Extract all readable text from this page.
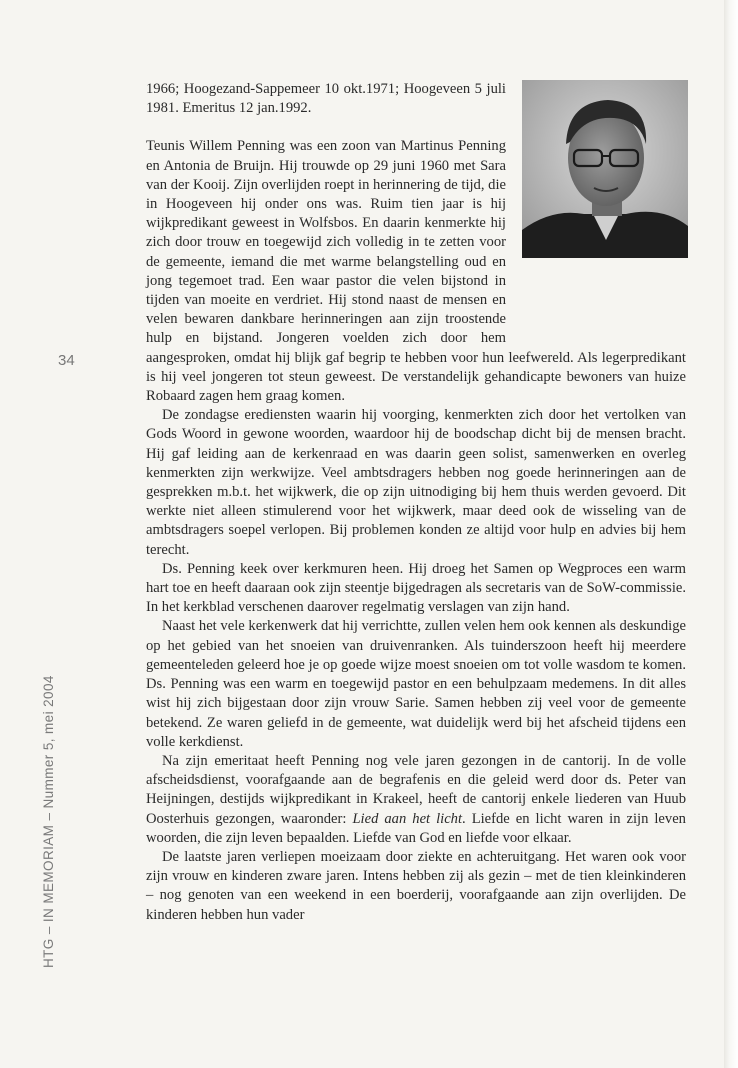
34
HTG – IN MEMORIAM – Nummer 5, mei 2004

1966; Hoogezand-Sappemeer 10 okt.1971; Hoogeveen 5 juli 1981. Emeritus 12 jan.1992.

Teunis Willem Penning was een zoon van Martinus Penning en Antonia de Bruijn. Hij trouwde op 29 juni 1960 met Sara van der Kooij. Zijn overlijden roept in herinnering de tijd, die in Hoogeveen hij onder ons was. Ruim tien jaar is hij wijkpredikant geweest in Wolfsbos. En daarin kenmerkte hij zich door trouw en toegewijd zich volledig in te zetten voor de gemeente, iemand die met warme belangstelling oud en jong tegemoet trad. Een waar pastor die velen bijstond in tijden van moeite en verdriet. Hij stond naast de mensen en velen bewaren dankbare herinneringen aan zijn troostende hulp en bijstand. Jongeren voelden zich door hem aangesproken, omdat hij blijk gaf begrip te hebben voor hun leefwereld. Als legerpredikant is hij veel jongeren tot steun geweest. De verstandelijk gehandicapte bewoners van huize Robaard zagen hem graag komen.

De zondagse erediensten waarin hij voorging, kenmerkten zich door het vertolken van Gods Woord in gewone woorden, waardoor hij de boodschap dicht bij de mensen bracht. Hij gaf leiding aan de kerkenraad en was daarin geen solist, samenwerken en overleg kenmerkten zijn werkwijze. Veel ambtsdragers hebben nog goede herinneringen aan de gesprekken m.b.t. het wijkwerk, die op zijn uitnodiging bij hem thuis werden gevoerd. Dit werkte niet alleen stimulerend voor het wijkwerk, maar deed ook de wisseling van de ambtsdragers soepel verlopen. Bij problemen konden ze altijd voor hulp en advies bij hem terecht.

Ds. Penning keek over kerkmuren heen. Hij droeg het Samen op Wegproces een warm hart toe en heeft daaraan ook zijn steentje bijgedragen als secretaris van de SoW-commissie. In het kerkblad verschenen daarover regelmatig verslagen van zijn hand.

Naast het vele kerkenwerk dat hij verrichtte, zullen velen hem ook kennen als deskundige op het gebied van het snoeien van druivenranken. Als tuinderszoon heeft hij meerdere gemeenteleden geleerd hoe je op goede wijze moest snoeien om tot volle wasdom te komen. Ds. Penning was een warm en toegewijd pastor en een behulpzaam medemens. In dit alles wist hij zich bijgestaan door zijn vrouw Sarie. Samen hebben zij veel voor de gemeente betekend. Ze waren geliefd in de gemeente, wat duidelijk werd bij het afscheid tijdens een volle kerkdienst.

Na zijn emeritaat heeft Penning nog vele jaren gezongen in de cantorij. In de volle afscheidsdienst, voorafgaande aan de begrafenis en die geleid werd door ds. Peter van Heijningen, destijds wijkpredikant in Krakeel, heeft de cantorij enkele liederen van Huub Oosterhuis gezongen, waaronder: Lied aan het licht. Liefde en licht waren in zijn leven woorden, die zijn leven bepaalden. Liefde van God en liefde voor elkaar.

De laatste jaren verliepen moeizaam door ziekte en achteruitgang. Het waren ook voor zijn vrouw en kinderen zware jaren. Intens hebben zij als gezin – met de tien kleinkinderen – nog genoten van een weekend in een boerderij, voorafgaande aan zijn overlijden. De kinderen hebben hun vader
